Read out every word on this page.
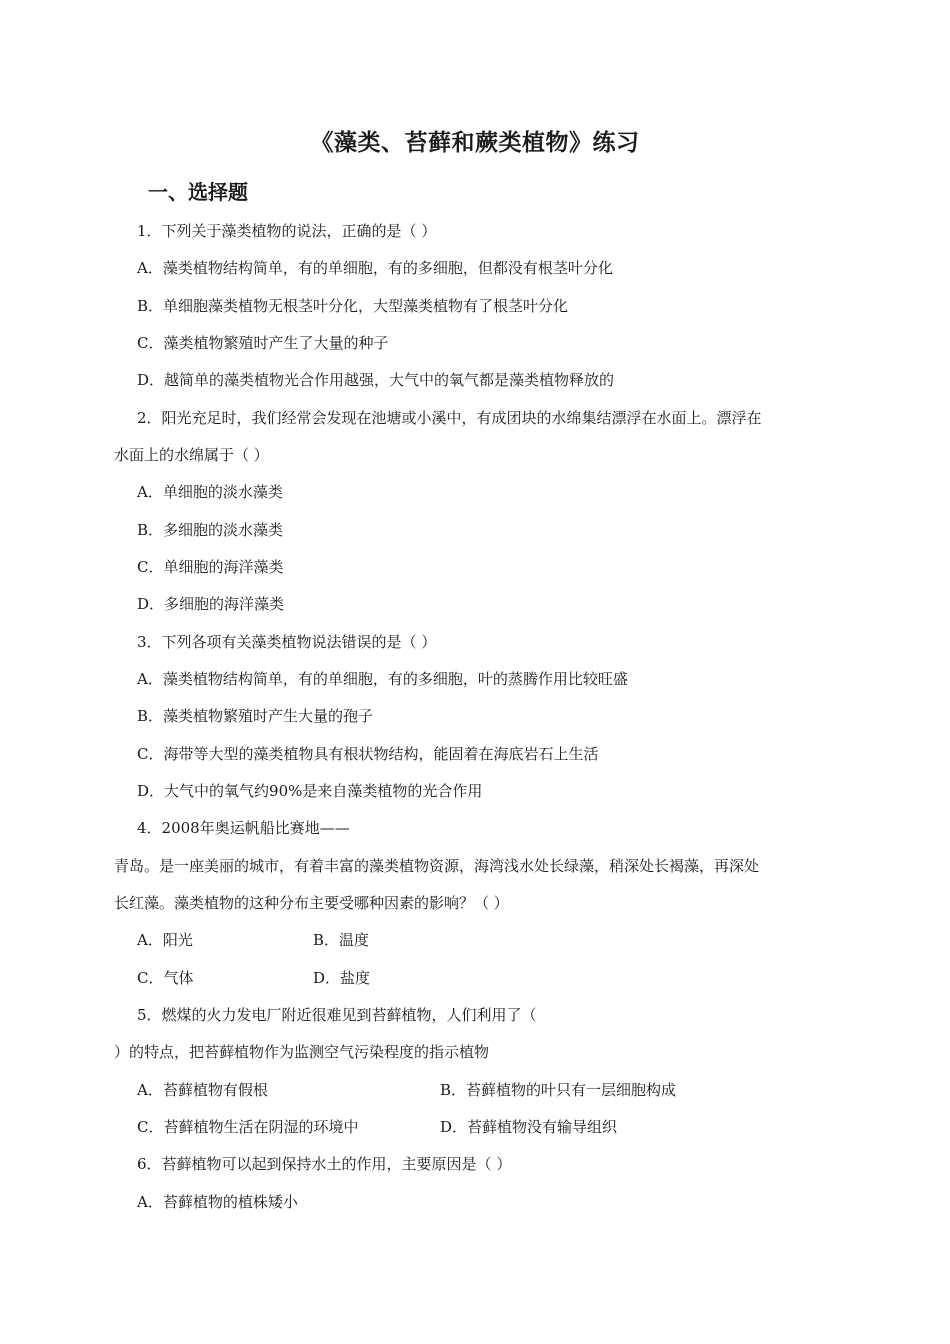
《藻类、苔藓和蕨类植物》练习
一、选择题
1．下列关于藻类植物的说法，正确的是（ ）
A．藻类植物结构简单，有的单细胞，有的多细胞，但都没有根茎叶分化
B．单细胞藻类植物无根茎叶分化，大型藻类植物有了根茎叶分化
C．藻类植物繁殖时产生了大量的种子
D．越简单的藻类植物光合作用越强，大气中的氧气都是藻类植物释放的
2．阳光充足时，我们经常会发现在池塘或小溪中，有成团块的水绵集结漂浮在水面上。漂浮在
水面上的水绵属于（ ）
A．单细胞的淡水藻类
B．多细胞的淡水藻类
C．单细胞的海洋藻类
D．多细胞的海洋藻类
3．下列各项有关藻类植物说法错误的是（ ）
A．藻类植物结构简单，有的单细胞，有的多细胞，叶的蒸腾作用比较旺盛
B．藻类植物繁殖时产生大量的孢子
C．海带等大型的藻类植物具有根状物结构，能固着在海底岩石上生活
D．大气中的氧气约90%是来自藻类植物的光合作用
4．2008年奥运帆船比赛地——
青岛。是一座美丽的城市，有着丰富的藻类植物资源，海湾浅水处长绿藻，稍深处长褐藻，再深处
长红藻。藻类植物的这种分布主要受哪种因素的影响？（ ）
A．阳光	B．温度
C．气体	D．盐度
5．燃煤的火力发电厂附近很难见到苔藓植物，人们利用了（
）的特点，把苔藓植物作为监测空气污染程度的指示植物
A．苔藓植物有假根	B．苔藓植物的叶只有一层细胞构成
C．苔藓植物生活在阴湿的环境中	D．苔藓植物没有输导组织
6．苔藓植物可以起到保持水土的作用，主要原因是（ ）
A．苔藓植物的植株矮小
